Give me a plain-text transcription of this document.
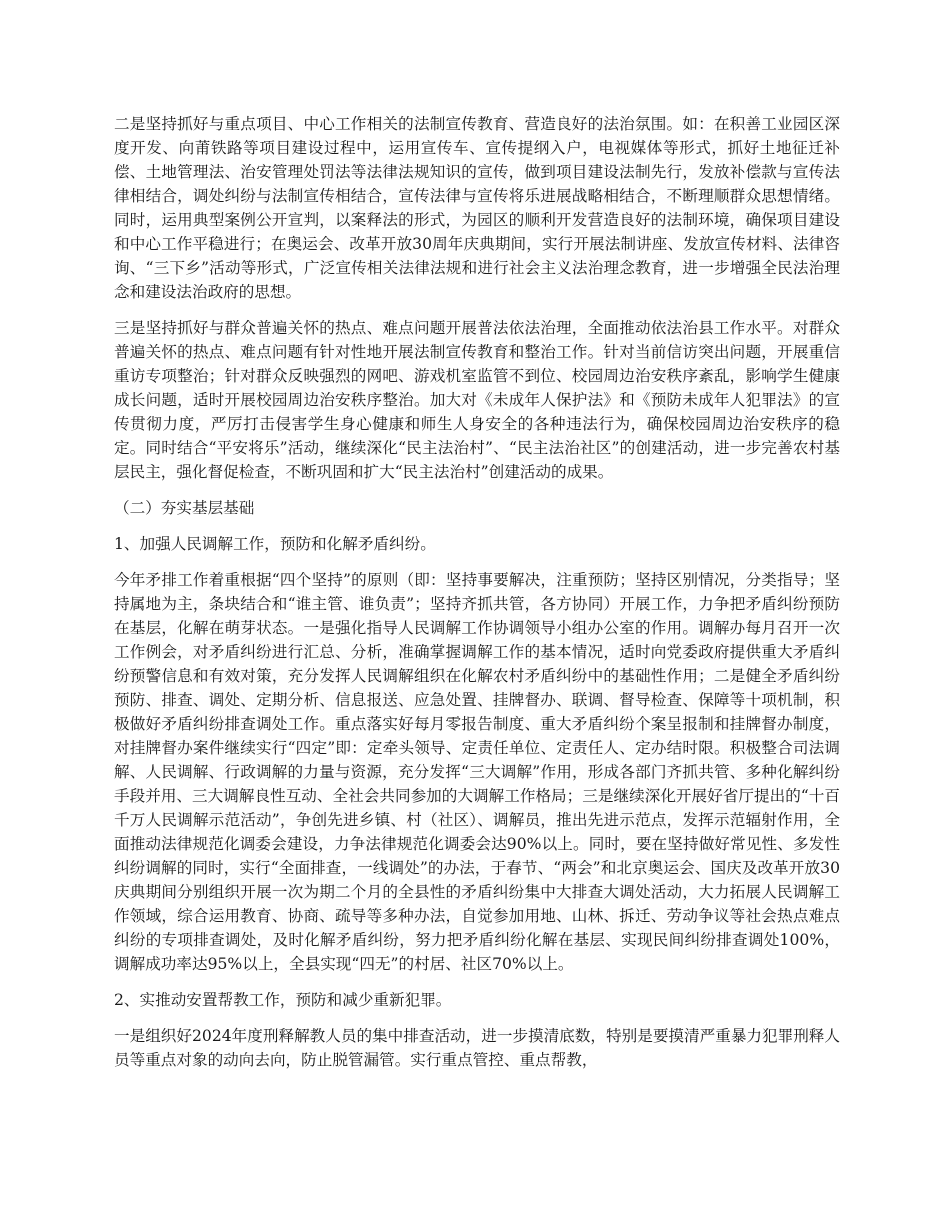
二是坚持抓好与重点项目、中心工作相关的法制宣传教育、营造良好的法治氛围。如：在积善工业园区深度开发、向莆铁路等项目建设过程中，运用宣传车、宣传提纲入户，电视媒体等形式，抓好土地征迁补偿、土地管理法、治安管理处罚法等法律法规知识的宣传，做到项目建设法制先行，发放补偿款与宣传法律相结合，调处纠纷与法制宣传相结合，宣传法律与宣传将乐进展战略相结合，不断理顺群众思想情绪。同时，运用典型案例公开宣判，以案释法的形式，为园区的顺利开发营造良好的法制环境，确保项目建设和中心工作平稳进行；在奥运会、改革开放30周年庆典期间，实行开展法制讲座、发放宣传材料、法律咨询、“三下乡”活动等形式，广泛宣传相关法律法规和进行社会主义法治理念教育，进一步增强全民法治理念和建设法治政府的思想。

三是坚持抓好与群众普遍关怀的热点、难点问题开展普法依法治理，全面推动依法治县工作水平。对群众普遍关怀的热点、难点问题有针对性地开展法制宣传教育和整治工作。针对当前信访突出问题，开展重信重访专项整治；针对群众反映强烈的网吧、游戏机室监管不到位、校园周边治安秩序紊乱，影响学生健康成长问题，适时开展校园周边治安秩序整治。加大对《未成年人保护法》和《预防未成年人犯罪法》的宣传贯彻力度，严厉打击侵害学生身心健康和师生人身安全的各种违法行为，确保校园周边治安秩序的稳定。同时结合“平安将乐”活动，继续深化“民主法治村”、“民主法治社区”的创建活动，进一步完善农村基层民主，强化督促检查，不断巩固和扩大“民主法治村”创建活动的成果。

（二）夯实基层基础

1、加强人民调解工作，预防和化解矛盾纠纷。

今年矛排工作着重根据“四个坚持”的原则（即：坚持事要解决，注重预防；坚持区别情况，分类指导；坚持属地为主，条块结合和“谁主管、谁负责”；坚持齐抓共管，各方协同）开展工作，力争把矛盾纠纷预防在基层，化解在萌芽状态。一是强化指导人民调解工作协调领导小组办公室的作用。调解办每月召开一次工作例会，对矛盾纠纷进行汇总、分析，准确掌握调解工作的基本情况，适时向党委政府提供重大矛盾纠纷预警信息和有效对策，充分发挥人民调解组织在化解农村矛盾纠纷中的基础性作用；二是健全矛盾纠纷预防、排查、调处、定期分析、信息报送、应急处置、挂牌督办、联调、督导检查、保障等十项机制，积极做好矛盾纠纷排查调处工作。重点落实好每月零报告制度、重大矛盾纠纷个案呈报制和挂牌督办制度，对挂牌督办案件继续实行“四定”即：定牵头领导、定责任单位、定责任人、定办结时限。积极整合司法调解、人民调解、行政调解的力量与资源，充分发挥“三大调解”作用，形成各部门齐抓共管、多种化解纠纷手段并用、三大调解良性互动、全社会共同参加的大调解工作格局；三是继续深化开展好省厅提出的“十百千万人民调解示范活动”，争创先进乡镇、村（社区）、调解员，推出先进示范点，发挥示范辐射作用，全面推动法律规范化调委会建设，力争法律规范化调委会达90%以上。同时，要在坚持做好常见性、多发性纠纷调解的同时，实行“全面排查，一线调处”的办法，于春节、“两会”和北京奥运会、国庆及改革开放30庆典期间分别组织开展一次为期二个月的全县性的矛盾纠纷集中大排查大调处活动，大力拓展人民调解工作领域，综合运用教育、协商、疏导等多种办法，自觉参加用地、山林、拆迁、劳动争议等社会热点难点纠纷的专项排查调处，及时化解矛盾纠纷，努力把矛盾纠纷化解在基层、实现民间纠纷排查调处100%，调解成功率达95%以上，全县实现“四无”的村居、社区70%以上。

2、实推动安置帮教工作，预防和减少重新犯罪。

一是组织好2024年度刑释解教人员的集中排查活动，进一步摸清底数，特别是要摸清严重暴力犯罪刑释人员等重点对象的动向去向，防止脱管漏管。实行重点管控、重点帮教，
